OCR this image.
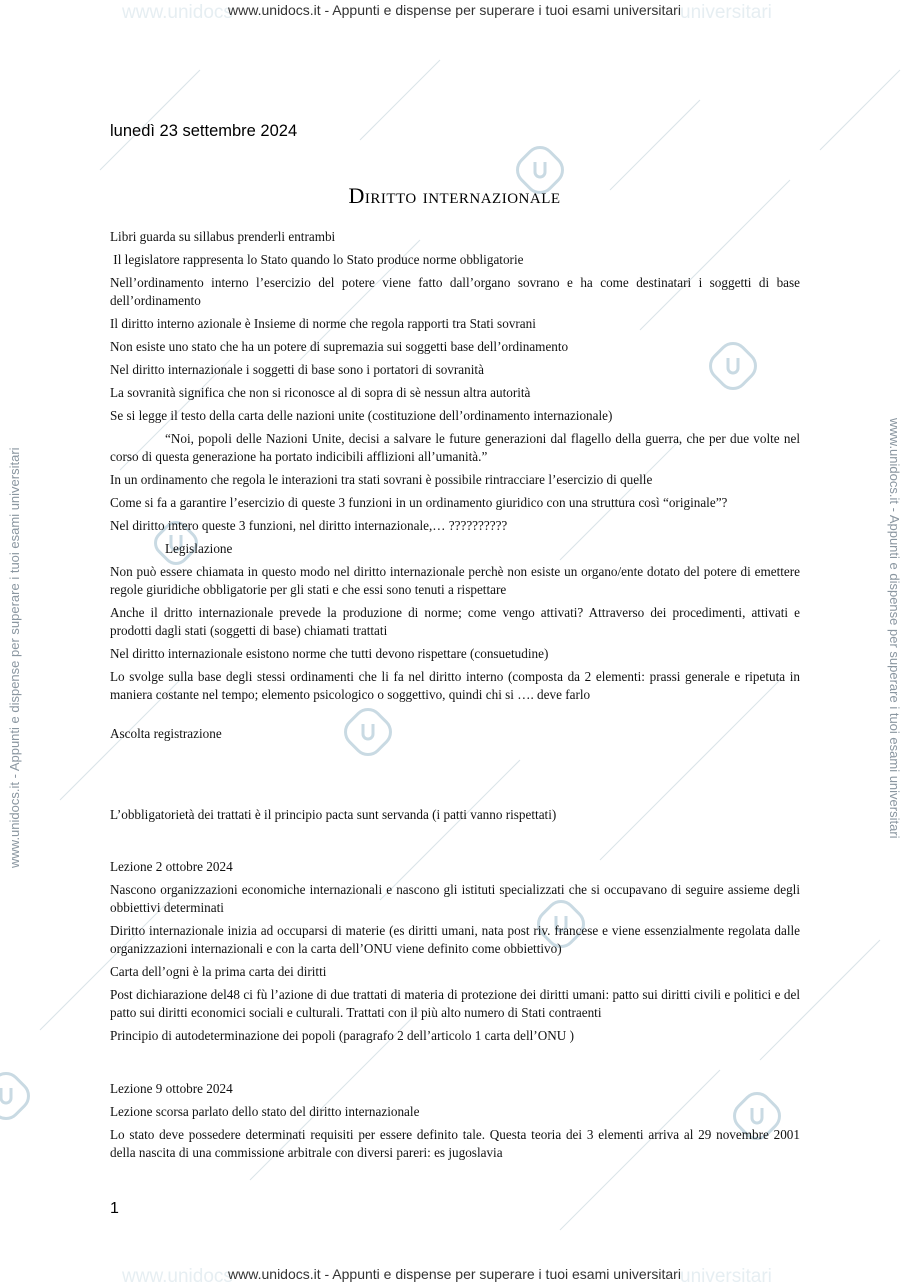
www.unidocs	universitari
www.unidocs.it - Appunti e dispense per superare i tuoi esami universitari
www.unidocs	universitari
www.unidocs.it - Appunti e dispense per superare i tuoi esami universitari
www.unidocs.it - Appunti e dispense per superare i tuoi esami universitari	www.unidocs.it - Appunti e dispense per superare i tuoi esami universitari
lunedì 23 settembre 2024
Diritto internazionale

Libri guarda su sillabus prenderli entrambi

Il legislatore rappresenta lo Stato quando lo Stato produce norme obbligatorie

Nell’ordinamento interno l’esercizio del potere viene fatto dall’organo sovrano e ha come destinatari i soggetti di base dell’ordinamento

Il diritto interno azionale è Insieme di norme che regola rapporti tra Stati sovrani

Non esiste uno stato che ha un potere di supremazia sui soggetti base dell’ordinamento

Nel diritto internazionale i soggetti di base sono i portatori di sovranità

La sovranità significa che non si riconosce al di sopra di sè nessun altra autorità

Se si legge il testo della carta delle nazioni unite (costituzione dell’ordinamento internazionale)

“Noi, popoli delle Nazioni Unite, decisi a salvare le future generazioni dal flagello della guerra, che per due volte nel corso di questa generazione ha portato indicibili afflizioni all’umanità.”

In un ordinamento che regola le interazioni tra stati sovrani è possibile rintracciare l’esercizio di quelle

Come si fa a garantire l’esercizio di queste 3 funzioni in un ordinamento giuridico con una struttura così “originale”?

Nel diritto intero queste 3 funzioni, nel diritto internazionale,… ??????????

Legislazione

Non può essere chiamata in questo modo nel diritto internazionale perchè non esiste un organo/ente dotato del potere di emettere regole giuridiche obbligatorie per gli stati e che essi sono tenuti a rispettare

Anche il dritto internazionale prevede la produzione di norme; come vengo attivati? Attraverso dei procedimenti, attivati e prodotti dagli stati (soggetti di base) chiamati trattati

Nel diritto internazionale esistono norme che tutti devono rispettare (consuetudine)

Lo svolge sulla base degli stessi ordinamenti che li fa nel diritto interno (composta da 2 elementi: prassi generale e ripetuta in maniera costante nel tempo; elemento psicologico o soggettivo, quindi chi si …. deve farlo

Ascolta registrazione

L’obbligatorietà dei trattati è il principio pacta sunt servanda (i patti vanno rispettati)

Lezione 2 ottobre 2024

Nascono organizzazioni economiche internazionali e nascono gli istituti specializzati che si occupavano di seguire assieme degli obbiettivi determinati

Diritto internazionale inizia ad occuparsi di materie (es diritti umani, nata post riv. francese e viene essenzialmente regolata dalle organizzazioni internazionali e con la carta dell’ONU viene definito come obbiettivo)

Carta dell’ogni è la prima carta dei diritti

Post dichiarazione del48 ci fù l’azione di due trattati di materia di protezione dei diritti umani: patto sui diritti civili e politici e del patto sui diritti economici sociali e culturali. Trattati con il più alto numero di Stati contraenti

Principio di autodeterminazione dei popoli (paragrafo 2 dell’articolo 1 carta dell’ONU )

Lezione 9 ottobre 2024

Lezione scorsa parlato dello stato del diritto internazionale

Lo stato deve possedere determinati requisiti per essere definito tale. Questa teoria dei 3 elementi arriva al 29 novembre 2001 della nascita di una commissione arbitrale con diversi pareri: es jugoslavia

1
